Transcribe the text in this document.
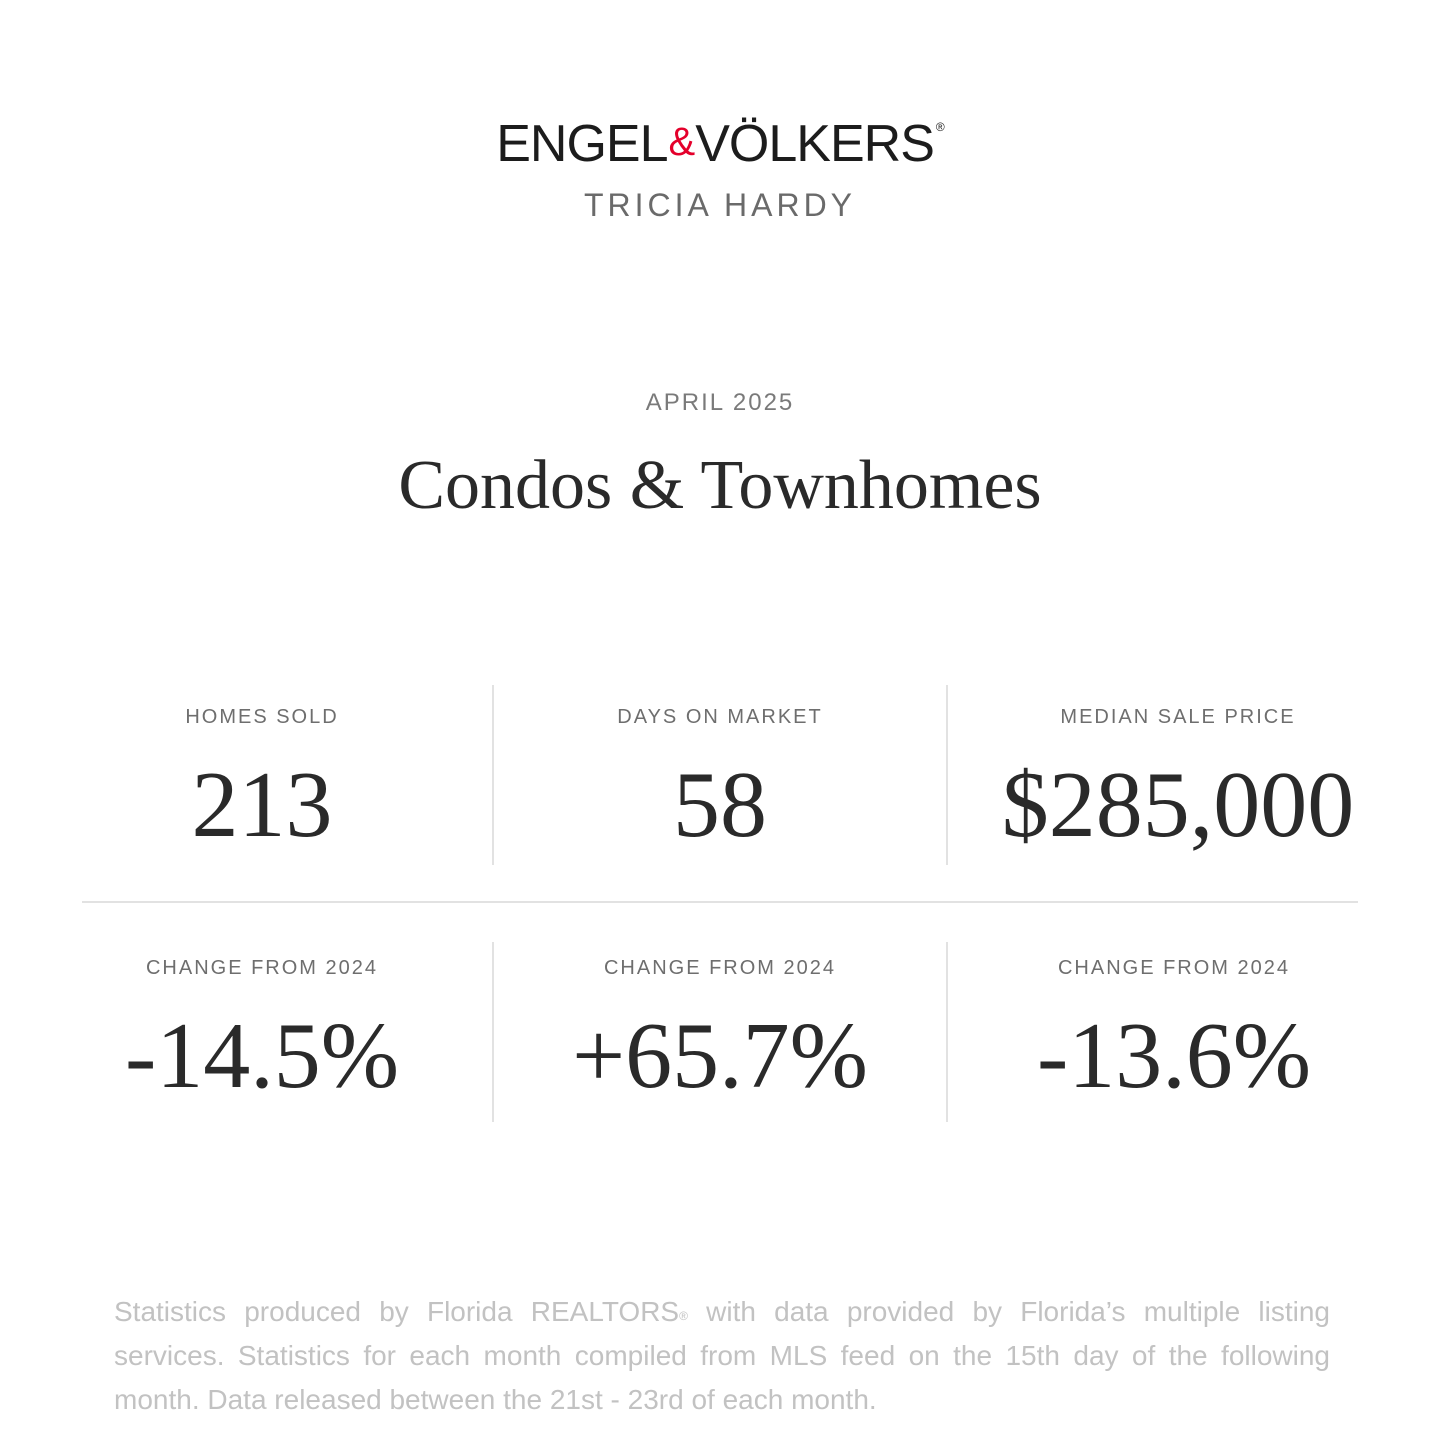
ENGEL&VÖLKERS ®
TRICIA HARDY
APRIL 2025
Condos & Townhomes
HOMES SOLD
213
DAYS ON MARKET
58
MEDIAN SALE PRICE
$285,000
CHANGE FROM 2024
-14.5%
CHANGE FROM 2024
+65.7%
CHANGE FROM 2024
-13.6%
Statistics produced by Florida REALTORS® with data provided by Florida’s multiple listing services. Statistics for each month compiled from MLS feed on the 15th day of the following month. Data released between the 21st - 23rd of each month.
